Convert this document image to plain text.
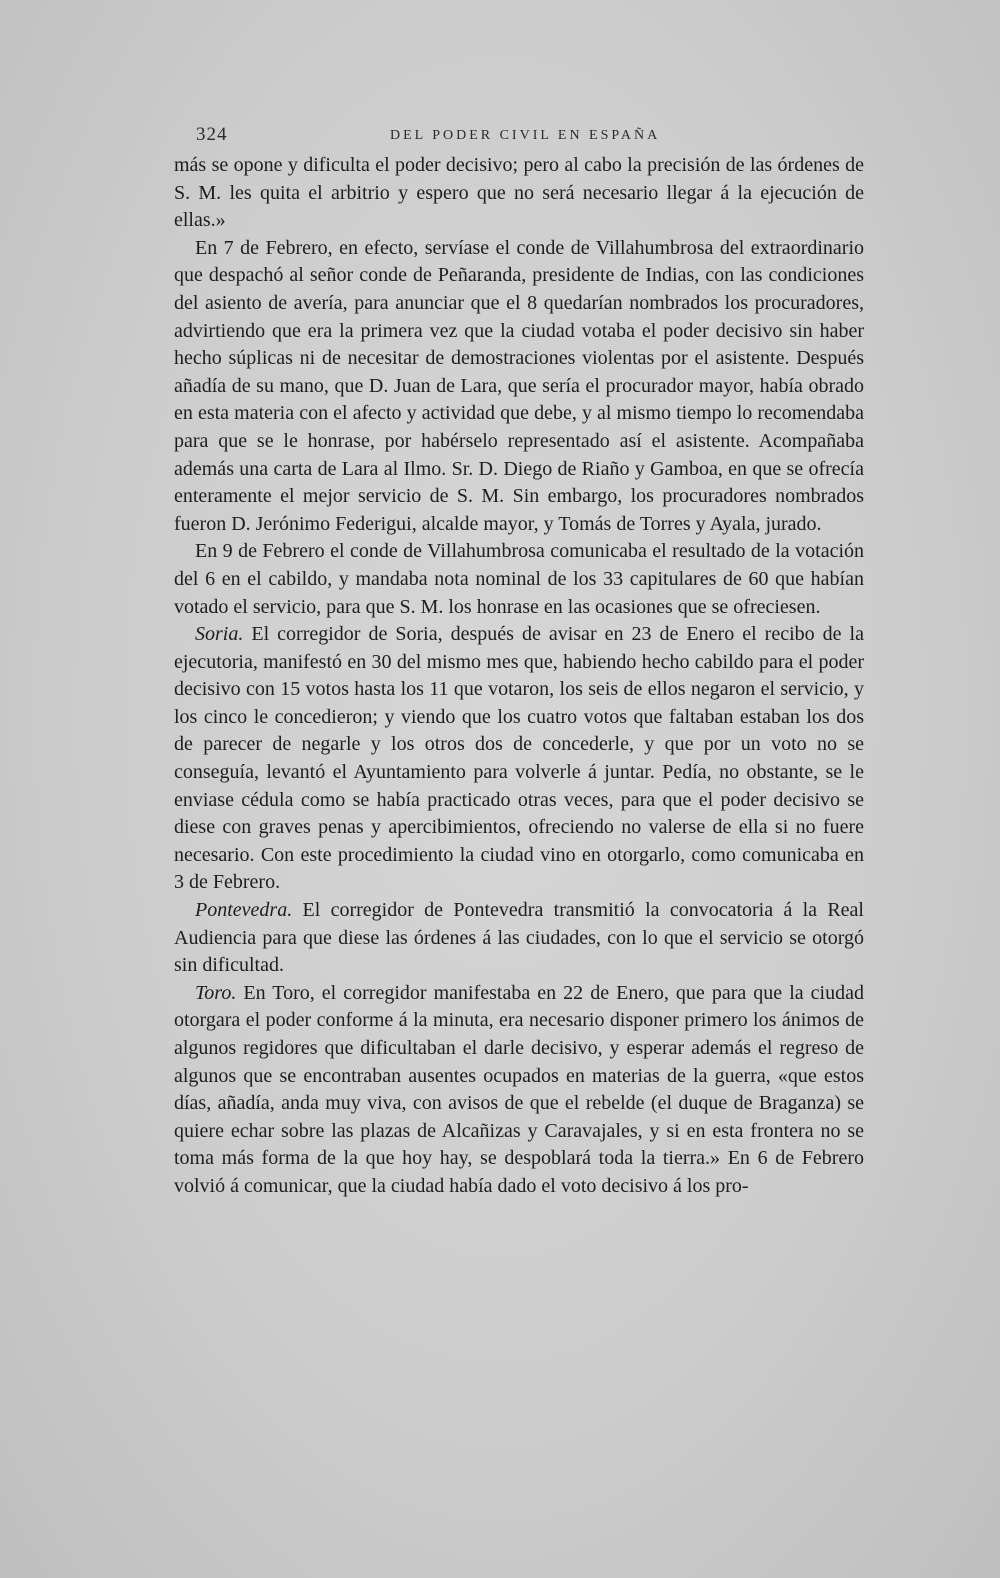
324	DEL PODER CIVIL EN ESPAÑA

más se opone y dificulta el poder decisivo; pero al cabo la precisión de las órdenes de S. M. les quita el arbitrio y espero que no será necesario llegar á la ejecución de ellas.»

En 7 de Febrero, en efecto, servíase el conde de Villahumbrosa del extraordinario que despachó al señor conde de Peñaranda, presidente de Indias, con las condiciones del asiento de avería, para anunciar que el 8 quedarían nombrados los procuradores, advirtiendo que era la primera vez que la ciudad votaba el poder decisivo sin haber hecho súplicas ni de necesitar de demostraciones violentas por el asistente. Después añadía de su mano, que D. Juan de Lara, que sería el procurador mayor, había obrado en esta materia con el afecto y actividad que debe, y al mismo tiempo lo recomendaba para que se le honrase, por habérselo representado así el asistente. Acompañaba además una carta de Lara al Ilmo. Sr. D. Diego de Riaño y Gamboa, en que se ofrecía enteramente el mejor servicio de S. M. Sin embargo, los procuradores nombrados fueron D. Jerónimo Federigui, alcalde mayor, y Tomás de Torres y Ayala, jurado.

En 9 de Febrero el conde de Villahumbrosa comunicaba el resultado de la votación del 6 en el cabildo, y mandaba nota nominal de los 33 capitulares de 60 que habían votado el servicio, para que S. M. los honrase en las ocasiones que se ofreciesen.

Soria. El corregidor de Soria, después de avisar en 23 de Enero el recibo de la ejecutoria, manifestó en 30 del mismo mes que, habiendo hecho cabildo para el poder decisivo con 15 votos hasta los 11 que votaron, los seis de ellos negaron el servicio, y los cinco le concedieron; y viendo que los cuatro votos que faltaban estaban los dos de parecer de negarle y los otros dos de concederle, y que por un voto no se conseguía, levantó el Ayuntamiento para volverle á juntar. Pedía, no obstante, se le enviase cédula como se había practicado otras veces, para que el poder decisivo se diese con graves penas y apercibimientos, ofreciendo no valerse de ella si no fuere necesario. Con este procedimiento la ciudad vino en otorgarlo, como comunicaba en 3 de Febrero.

Pontevedra. El corregidor de Pontevedra transmitió la convocatoria á la Real Audiencia para que diese las órdenes á las ciudades, con lo que el servicio se otorgó sin dificultad.

Toro. En Toro, el corregidor manifestaba en 22 de Enero, que para que la ciudad otorgara el poder conforme á la minuta, era necesario disponer primero los ánimos de algunos regidores que dificultaban el darle decisivo, y esperar además el regreso de algunos que se encontraban ausentes ocupados en materias de la guerra, «que estos días, añadía, anda muy viva, con avisos de que el rebelde (el duque de Braganza) se quiere echar sobre las plazas de Alcañizas y Caravajales, y si en esta frontera no se toma más forma de la que hoy hay, se despoblará toda la tierra.» En 6 de Febrero volvió á comunicar, que la ciudad había dado el voto decisivo á los pro-
